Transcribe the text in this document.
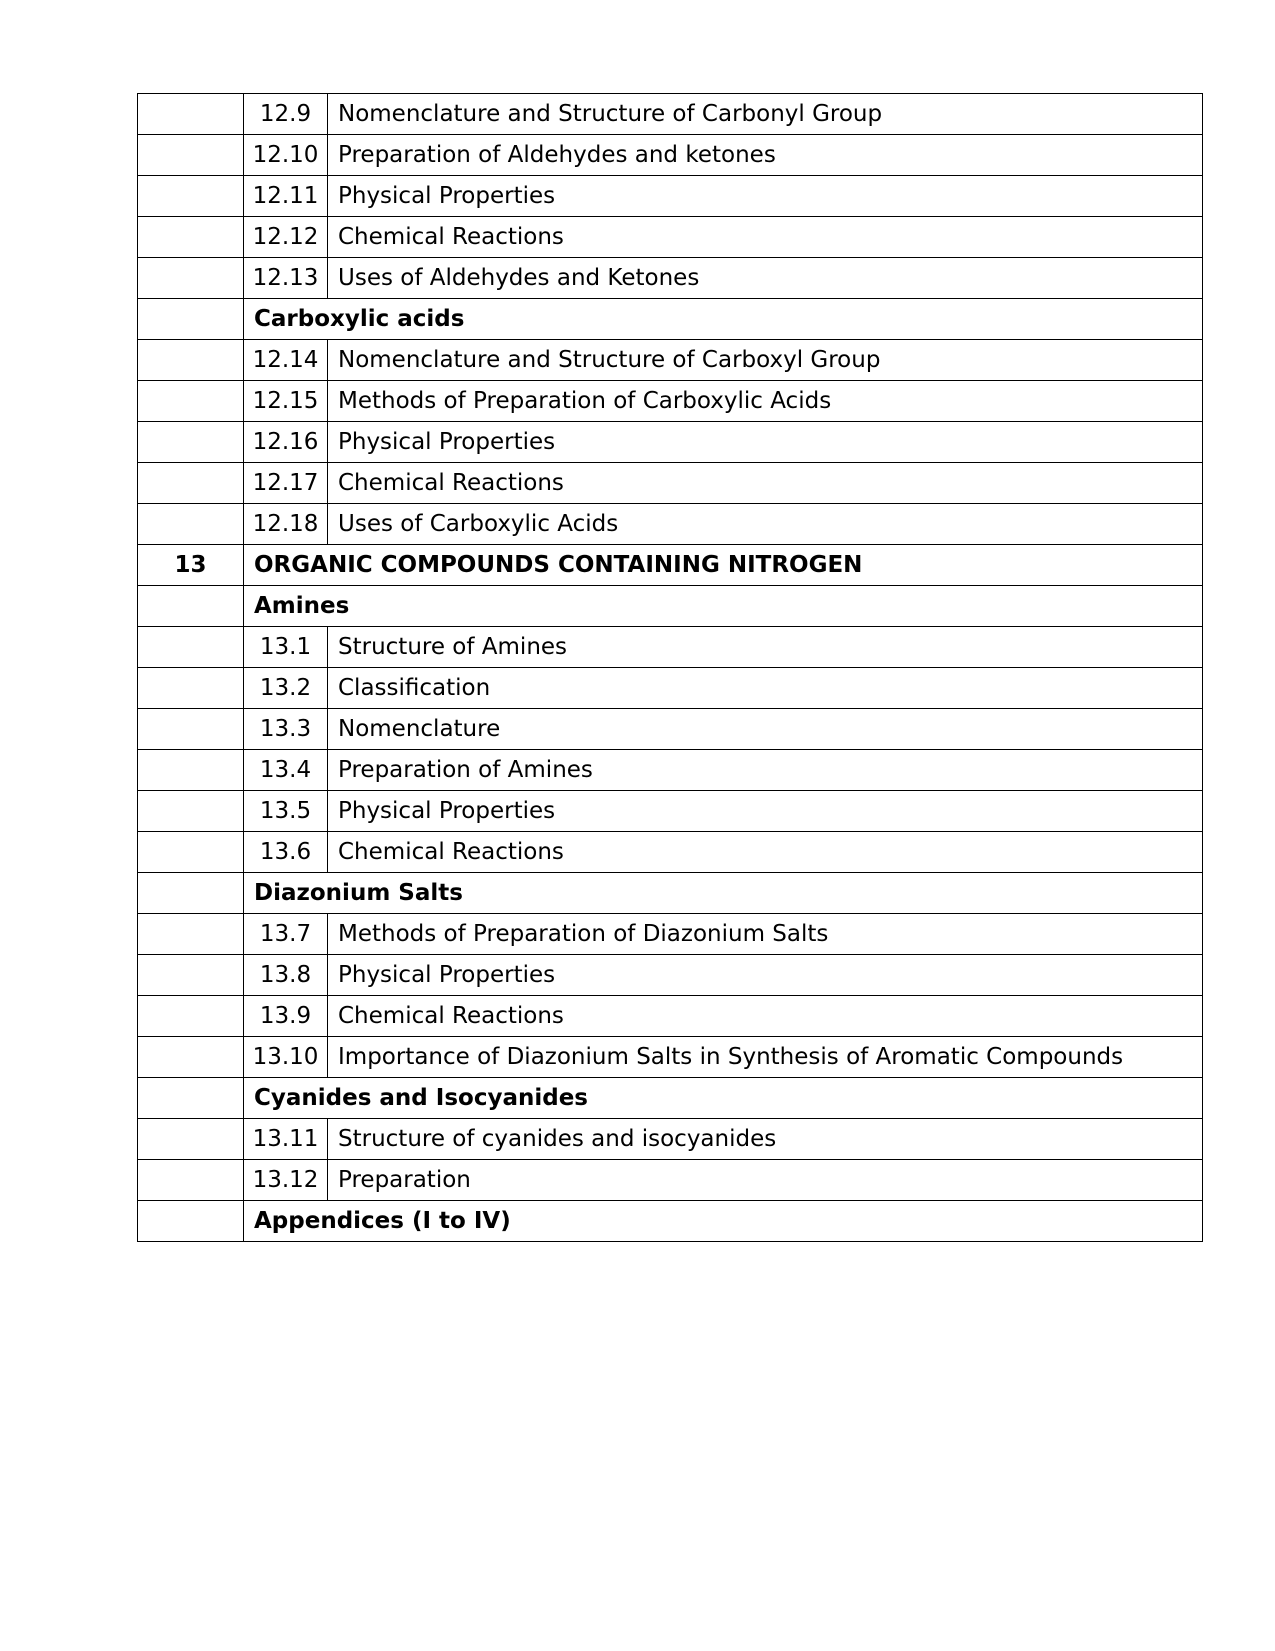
	12.9	Nomenclature and Structure of Carbonyl Group
	12.10	Preparation of Aldehydes and ketones
	12.11	Physical Properties
	12.12	Chemical Reactions
	12.13	Uses of Aldehydes and Ketones
	Carboxylic acids	
	12.14	Nomenclature and Structure of Carboxyl Group
	12.15	Methods of Preparation of Carboxylic Acids
	12.16	Physical Properties
	12.17	Chemical Reactions
	12.18	Uses of Carboxylic Acids
13	ORGANIC COMPOUNDS CONTAINING NITROGEN	
	Amines	
	13.1	Structure of Amines
	13.2	Classification
	13.3	Nomenclature
	13.4	Preparation of Amines
	13.5	Physical Properties
	13.6	Chemical Reactions
	Diazonium Salts	
	13.7	Methods of Preparation of Diazonium Salts
	13.8	Physical Properties
	13.9	Chemical Reactions
	13.10	Importance of Diazonium Salts in Synthesis of Aromatic Compounds
	Cyanides and Isocyanides	
	13.11	Structure of cyanides and isocyanides
	13.12	Preparation
	Appendices (I to IV)	
